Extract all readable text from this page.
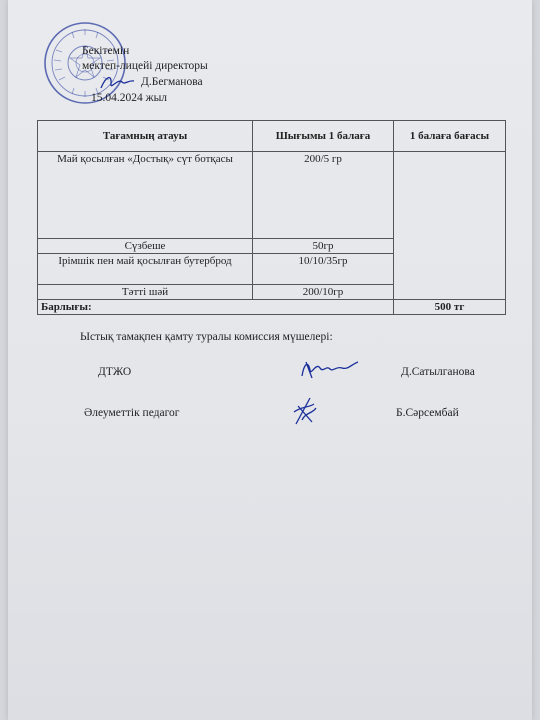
Бекітемін
мектеп-лицейі директоры
Д.Бегманова
15.04.2024 жыл
Тағамның атауы	Шығымы 1 балаға	1 балаға бағасы
Май қосылған «Достық» сүт ботқасы	200/5 гр	
Сүзбеше	50гр	
Ірімшік пен май қосылған бутерброд	10/10/35гр	
Тәтті шәй	200/10гр	
Барлығы:		500 тг
Ыстық тамақпен қамту туралы комиссия мүшелері:
ДТЖО	Д.Сатылганова
Әлеуметтік педагог	Б.Сәрсембай
